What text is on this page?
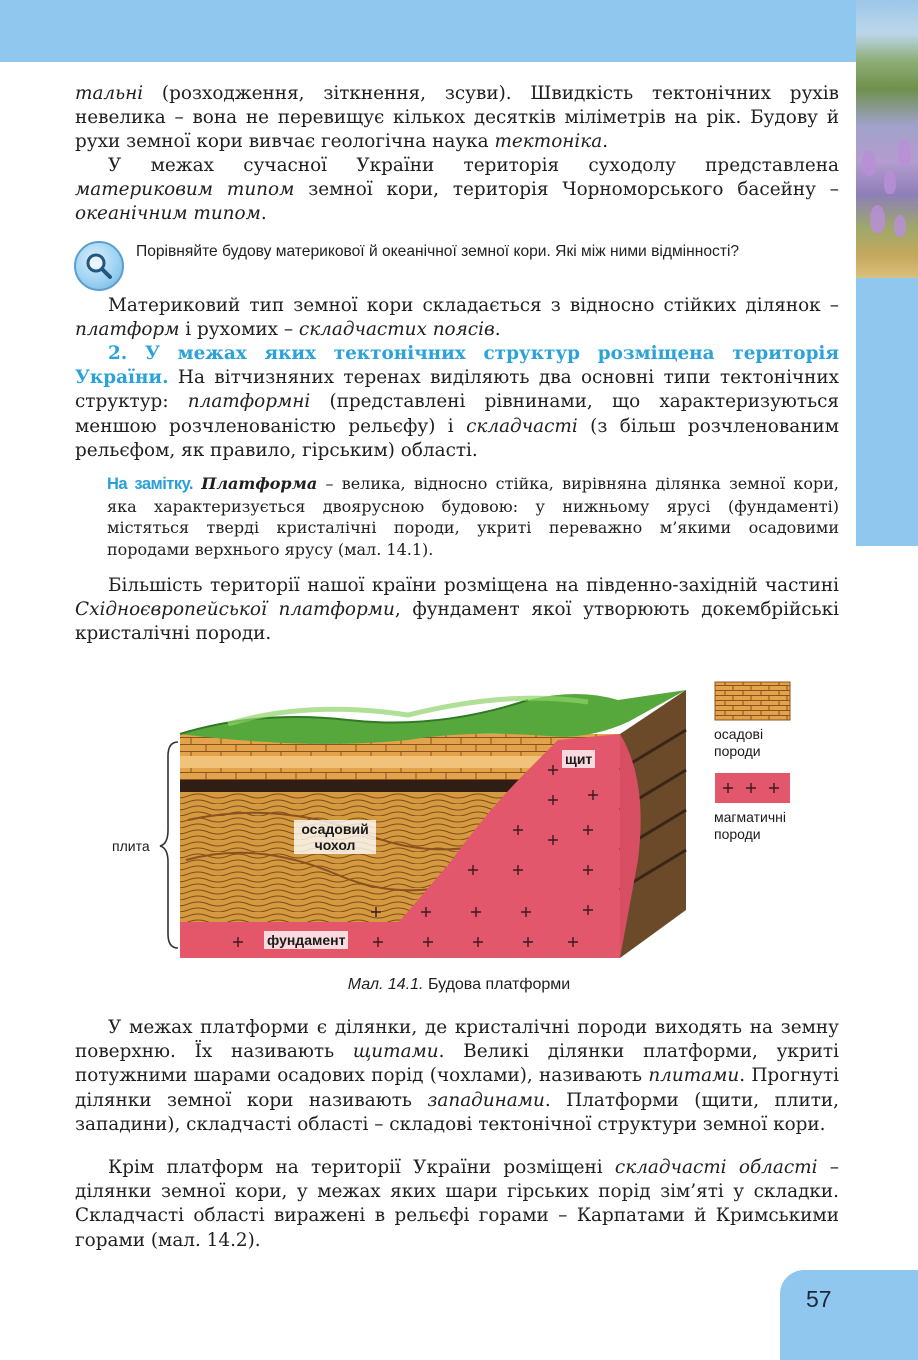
тальні (розходження, зіткнення, зсуви). Швидкість тектонічних рухів невелика – вона не перевищує кількох десятків міліметрів на рік. Будову й рухи земної кори вивчає геологічна наука тектоніка.

У межах сучасної України територія суходолу представлена материковим типом земної кори, територія Чорноморського басейну – океанічним типом.

Порівняйте будову материкової й океанічної земної кори. Які між ними відмінності?

Материковий тип земної кори складається з відносно стійких ділянок – платформ і рухомих – складчастих поясів.

2. У межах яких тектонічних структур розміщена територія України. На вітчизняних теренах виділяють два основні типи тектонічних структур: платформні (представлені рівнинами, що характеризуються меншою розчленованістю рельєфу) і складчасті (з більш розчленованим рельєфом, як правило, гірським) області.

На замітку. Платформа – велика, відносно стійка, вирівняна ділянка земної кори, яка характеризується двоярусною будовою: у нижньому ярусі (фундаменті) містяться тверді кристалічні породи, укриті переважно м’якими осадовими породами верхнього ярусу (мал. 14.1).

Більшість території нашої країни розміщена на південно-західній частині Східноєвропейської платформи, фундамент якої утворюють докембрійські кристалічні породи.

плита
осадовий чохол
щит
фундамент
осадові породи
магматичні породи
Мал. 14.1. Будова платформи

У межах платформи є ділянки, де кристалічні породи виходять на земну поверхню. Їх називають щитами. Великі ділянки платформи, укриті потужними шарами осадових порід (чохлами), називають плитами. Прогнуті ділянки земної кори називають западинами. Платформи (щити, плити, западини), складчасті області – складові тектонічної структури земної кори.

Крім платформ на території України розміщені складчасті області – ділянки земної кори, у межах яких шари гірських порід зім’яті у складки. Складчасті області виражені в рельєфі горами – Карпатами й Кримськими горами (мал. 14.2).

57
